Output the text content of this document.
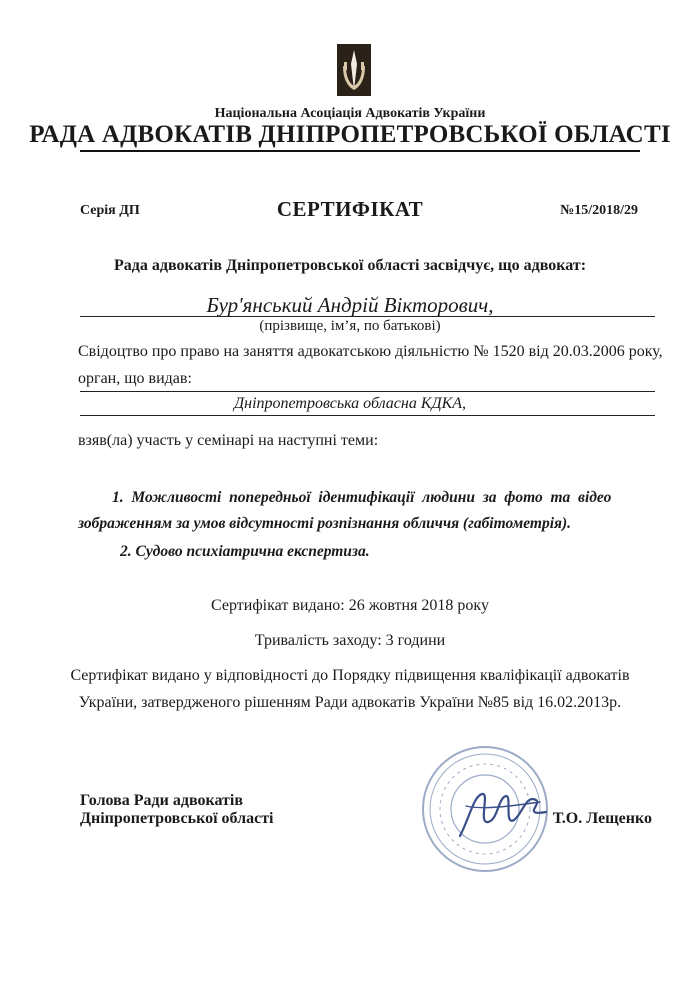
Національна Асоціація Адвокатів України
РАДА АДВОКАТІВ ДНІПРОПЕТРОВСЬКОЇ ОБЛАСТІ
Серія ДП	СЕРТИФІКАТ	№15/2018/29
Рада адвокатів Дніпропетровської області засвідчує, що адвокат:
Бур'янський Андрій Вікторович,
(прізвище, ім’я, по батькові)
Свідоцтво про право на заняття адвокатською діяльністю № 1520 від 20.03.2006 року,
орган, що видав:
Дніпропетровська обласна КДКА,
взяв(ла) участь у семінарі на наступні теми:
1.  Можливості  попередньої  ідентифікації  людини  за  фото  та  відео
зображенням за умов відсутності розпізнання обличчя (габітометрія).
2. Судово психіатрична експертиза.
Сертифікат видано: 26 жовтня 2018 року
Тривалість заходу: 3 години
Сертифікат видано у відповідності до Порядку підвищення кваліфікації адвокатів
України, затвердженого рішенням Ради адвокатів України №85 від 16.02.2013р.
Голова Ради адвокатів
Дніпропетровської області	Т.О. Лещенко
